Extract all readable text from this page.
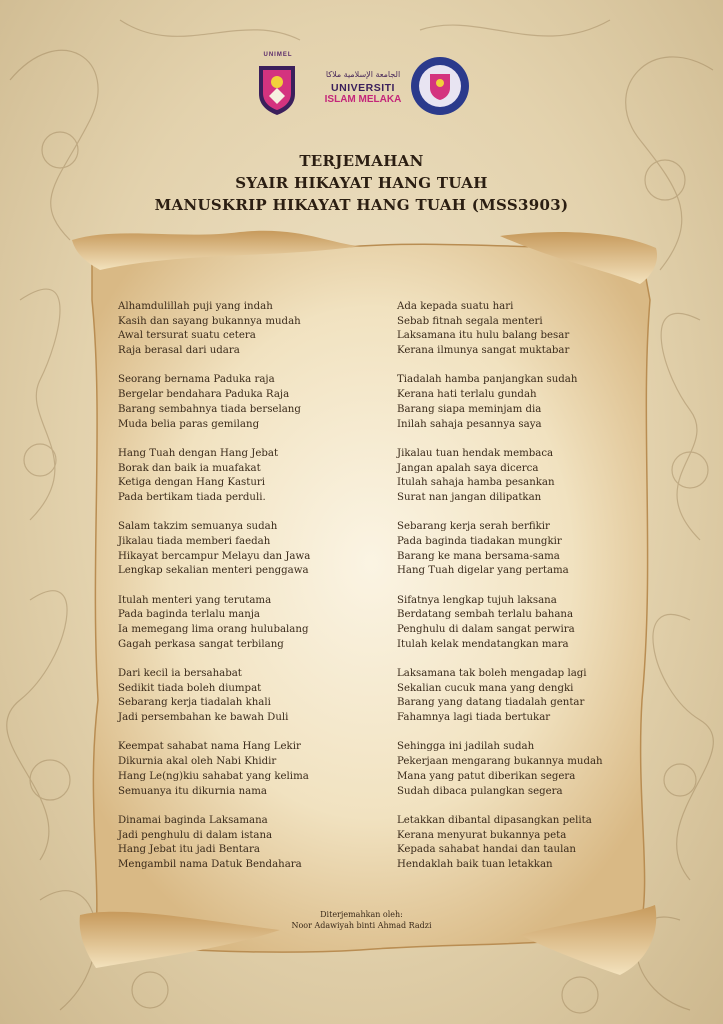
UNIMEL
الجامعة الإسلامية ملاكا
UNIVERSITI
ISLAM MELAKA
TERJEMAHAN
SYAIR HIKAYAT HANG TUAH
MANUSKRIP HIKAYAT HANG TUAH (MSS3903)
Alhamdulillah puji yang indah
Kasih dan sayang bukannya mudah
Awal tersurat suatu cetera
Raja berasal dari udara
Seorang bernama Paduka raja
Bergelar bendahara Paduka Raja
Barang sembahnya tiada berselang
Muda belia paras gemilang
Hang Tuah dengan Hang Jebat
Borak dan baik ia muafakat
Ketiga dengan Hang Kasturi
Pada bertikam tiada perduli.
Salam takzim semuanya sudah
Jikalau tiada memberi faedah
Hikayat bercampur Melayu dan Jawa
Lengkap sekalian menteri penggawa
Itulah menteri yang terutama
Pada baginda terlalu manja
Ia memegang lima orang hulubalang
Gagah perkasa sangat terbilang
Dari kecil ia bersahabat
Sedikit tiada boleh diumpat
Sebarang kerja tiadalah khali
Jadi persembahan ke bawah Duli
Keempat sahabat nama Hang Lekir
Dikurnia akal oleh Nabi Khidir
Hang Le(ng)kiu sahabat yang kelima
Semuanya itu dikurnia nama
Dinamai baginda Laksamana
Jadi penghulu di dalam istana
Hang Jebat itu jadi Bentara
Mengambil nama Datuk Bendahara
Ada kepada suatu hari
Sebab fitnah segala menteri
Laksamana itu hulu balang besar
Kerana ilmunya sangat muktabar
Tiadalah hamba panjangkan sudah
Kerana hati terlalu gundah
Barang siapa meminjam dia
Inilah sahaja pesannya saya
Jikalau tuan hendak membaca
Jangan apalah saya dicerca
Itulah sahaja hamba pesankan
Surat nan jangan dilipatkan
Sebarang kerja serah berfikir
Pada baginda tiadakan mungkir
Barang ke mana bersama-sama
Hang Tuah digelar yang pertama
Sifatnya lengkap tujuh laksana
Berdatang sembah terlalu bahana
Penghulu di dalam sangat perwira
Itulah kelak mendatangkan mara
Laksamana tak boleh mengadap lagi
Sekalian cucuk mana yang dengki
Barang yang datang tiadalah gentar
Fahamnya lagi tiada bertukar
Sehingga ini jadilah sudah
Pekerjaan mengarang bukannya mudah
Mana yang patut diberikan segera
Sudah dibaca pulangkan segera
Letakkan dibantal dipasangkan pelita
Kerana menyurat bukannya peta
Kepada sahabat handai dan taulan
Hendaklah baik tuan letakkan
Diterjemahkan oleh:
Noor Adawiyah binti Ahmad Radzi
